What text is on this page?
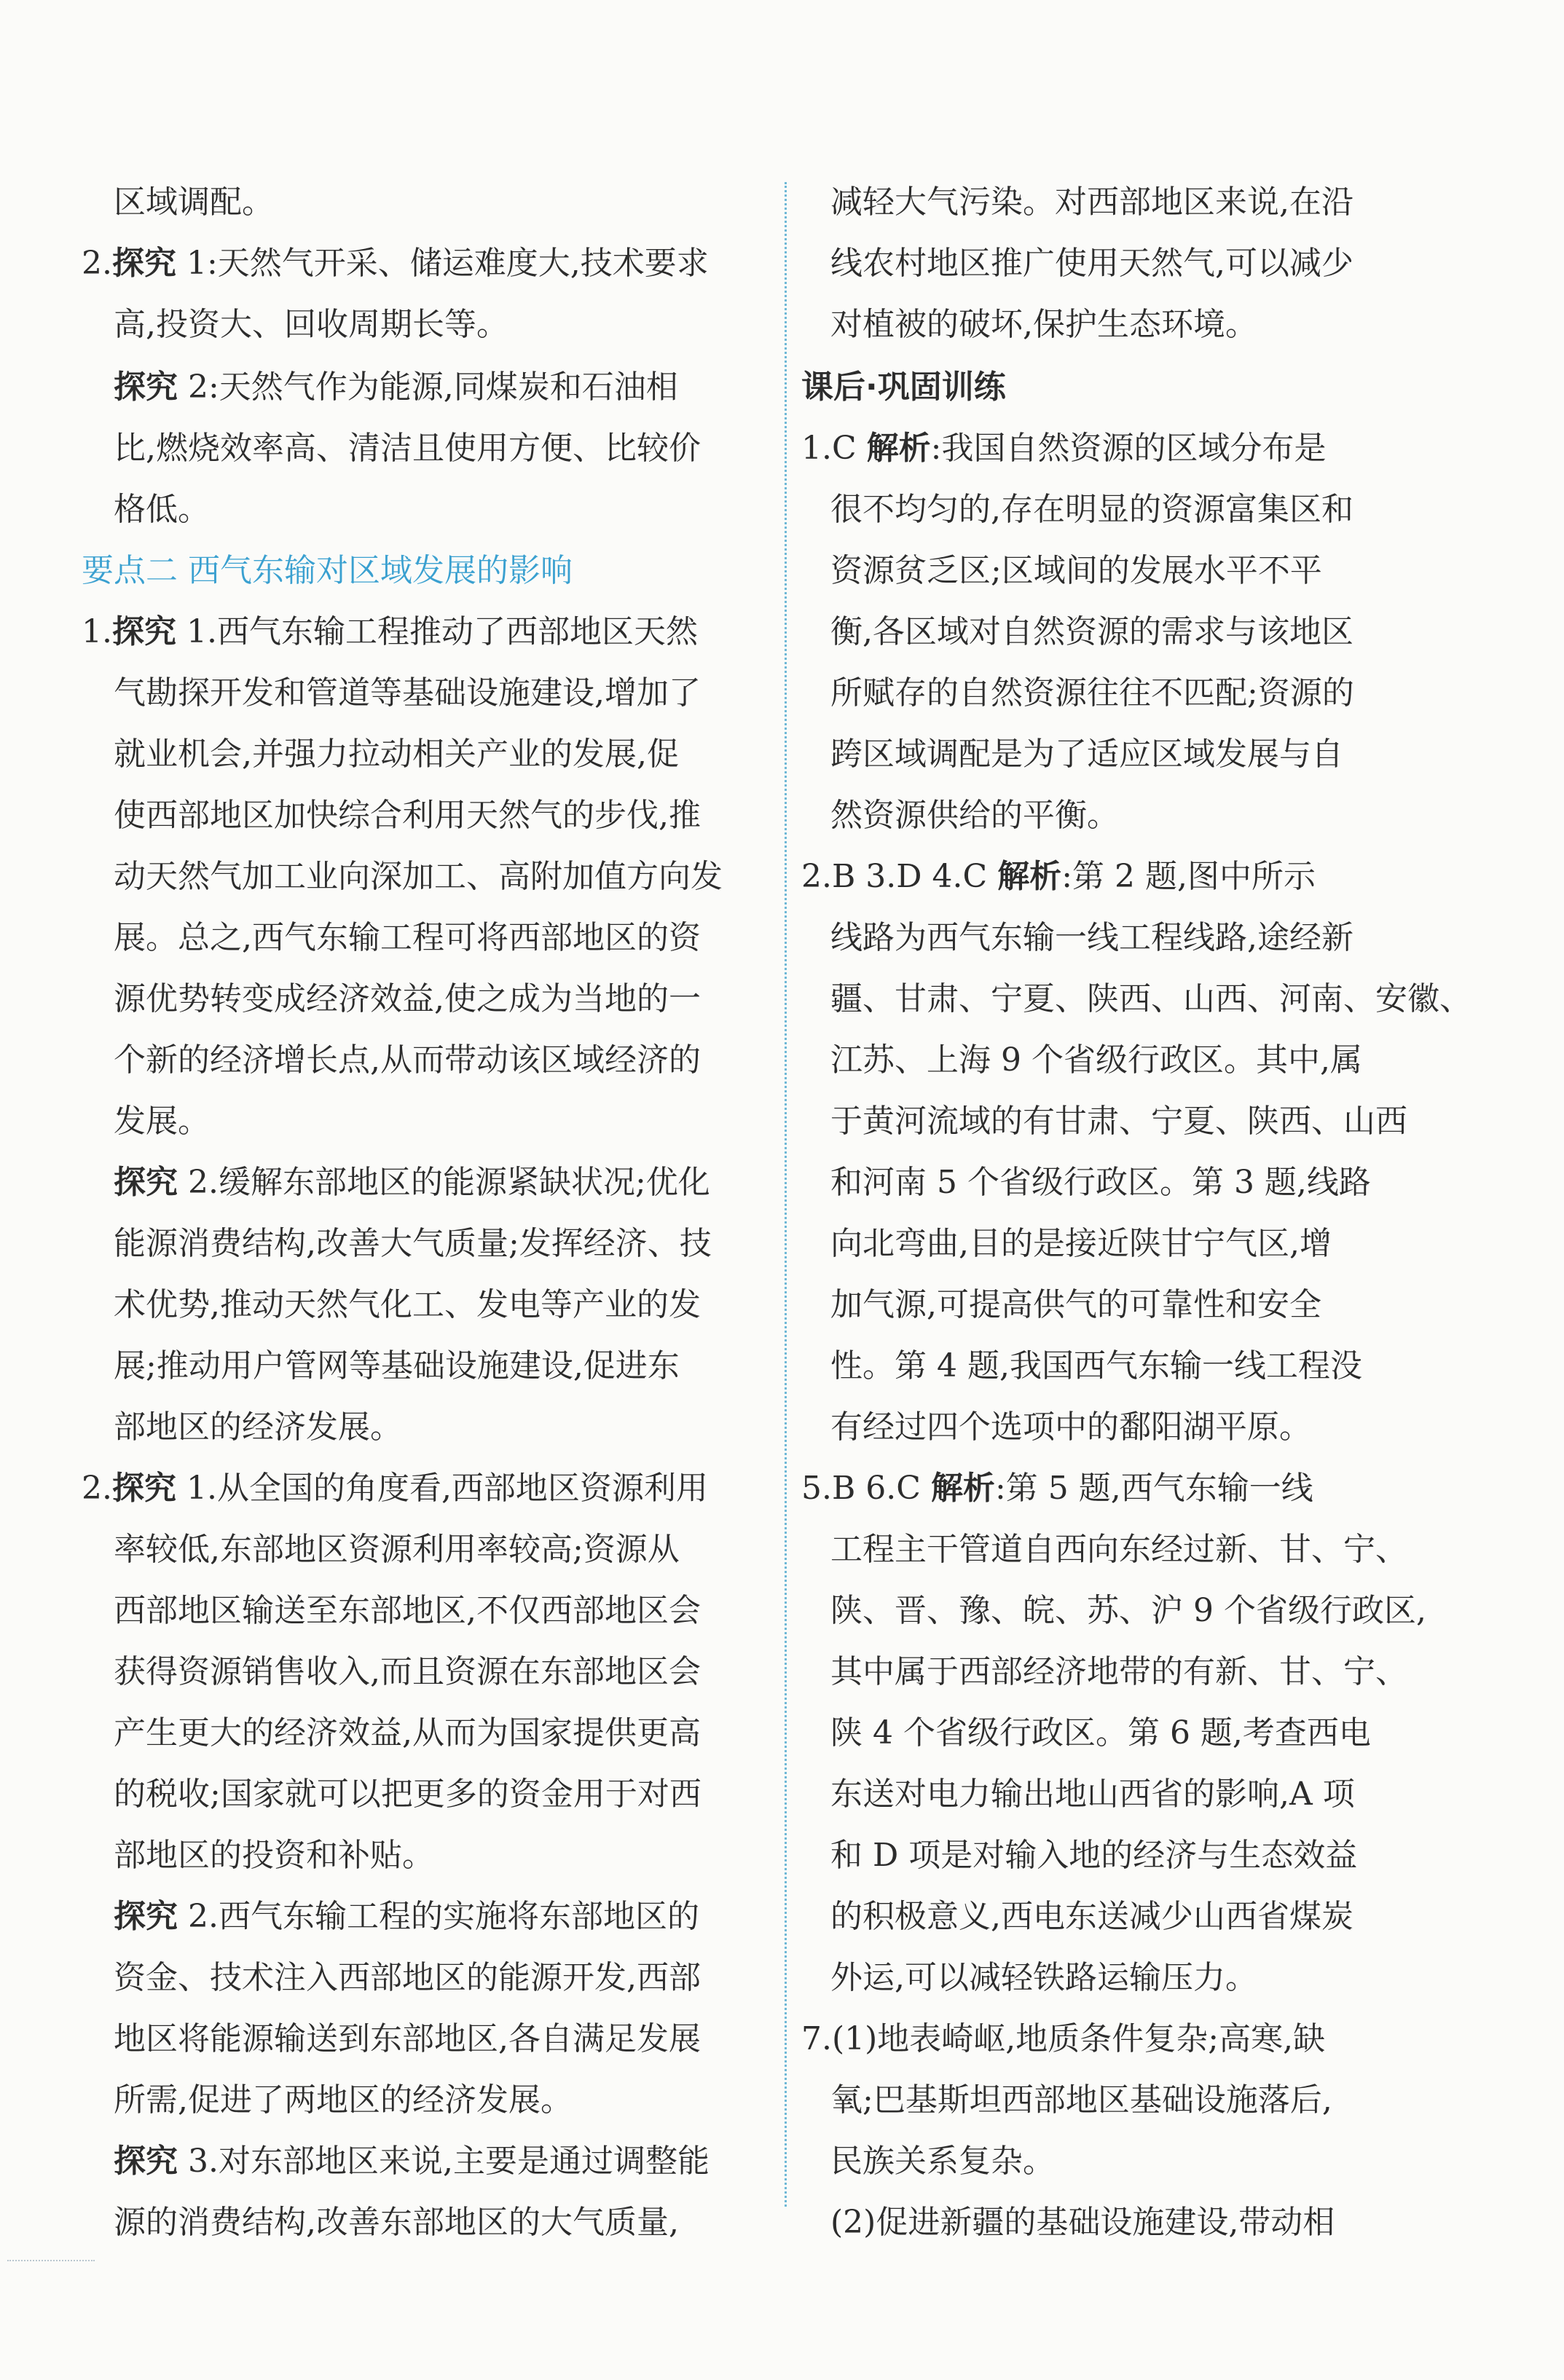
区域调配。
2.探究 1:天然气开采、储运难度大,技术要求
高,投资大、回收周期长等。
探究 2:天然气作为能源,同煤炭和石油相
比,燃烧效率高、清洁且使用方便、比较价
格低。
要点二 西气东输对区域发展的影响
1.探究 1.西气东输工程推动了西部地区天然
气勘探开发和管道等基础设施建设,增加了
就业机会,并强力拉动相关产业的发展,促
使西部地区加快综合利用天然气的步伐,推
动天然气加工业向深加工、高附加值方向发
展。总之,西气东输工程可将西部地区的资
源优势转变成经济效益,使之成为当地的一
个新的经济增长点,从而带动该区域经济的
发展。
探究 2.缓解东部地区的能源紧缺状况;优化
能源消费结构,改善大气质量;发挥经济、技
术优势,推动天然气化工、发电等产业的发
展;推动用户管网等基础设施建设,促进东
部地区的经济发展。
2.探究 1.从全国的角度看,西部地区资源利用
率较低,东部地区资源利用率较高;资源从
西部地区输送至东部地区,不仅西部地区会
获得资源销售收入,而且资源在东部地区会
产生更大的经济效益,从而为国家提供更高
的税收;国家就可以把更多的资金用于对西
部地区的投资和补贴。
探究 2.西气东输工程的实施将东部地区的
资金、技术注入西部地区的能源开发,西部
地区将能源输送到东部地区,各自满足发展
所需,促进了两地区的经济发展。
探究 3.对东部地区来说,主要是通过调整能
源的消费结构,改善东部地区的大气质量,
减轻大气污染。对西部地区来说,在沿
线农村地区推广使用天然气,可以减少
对植被的破坏,保护生态环境。
课后·巩固训练
1.C 解析:我国自然资源的区域分布是
很不均匀的,存在明显的资源富集区和
资源贫乏区;区域间的发展水平不平
衡,各区域对自然资源的需求与该地区
所赋存的自然资源往往不匹配;资源的
跨区域调配是为了适应区域发展与自
然资源供给的平衡。
2.B 3.D 4.C 解析:第 2 题,图中所示
线路为西气东输一线工程线路,途经新
疆、甘肃、宁夏、陕西、山西、河南、安徽、
江苏、上海 9 个省级行政区。其中,属
于黄河流域的有甘肃、宁夏、陕西、山西
和河南 5 个省级行政区。第 3 题,线路
向北弯曲,目的是接近陕甘宁气区,增
加气源,可提高供气的可靠性和安全
性。第 4 题,我国西气东输一线工程没
有经过四个选项中的鄱阳湖平原。
5.B 6.C 解析:第 5 题,西气东输一线
工程主干管道自西向东经过新、甘、宁、
陕、晋、豫、皖、苏、沪 9 个省级行政区,
其中属于西部经济地带的有新、甘、宁、
陕 4 个省级行政区。第 6 题,考查西电
东送对电力输出地山西省的影响,A 项
和 D 项是对输入地的经济与生态效益
的积极意义,西电东送减少山西省煤炭
外运,可以减轻铁路运输压力。
7.(1)地表崎岖,地质条件复杂;高寒,缺
氧;巴基斯坦西部地区基础设施落后,
民族关系复杂。
(2)促进新疆的基础设施建设,带动相
